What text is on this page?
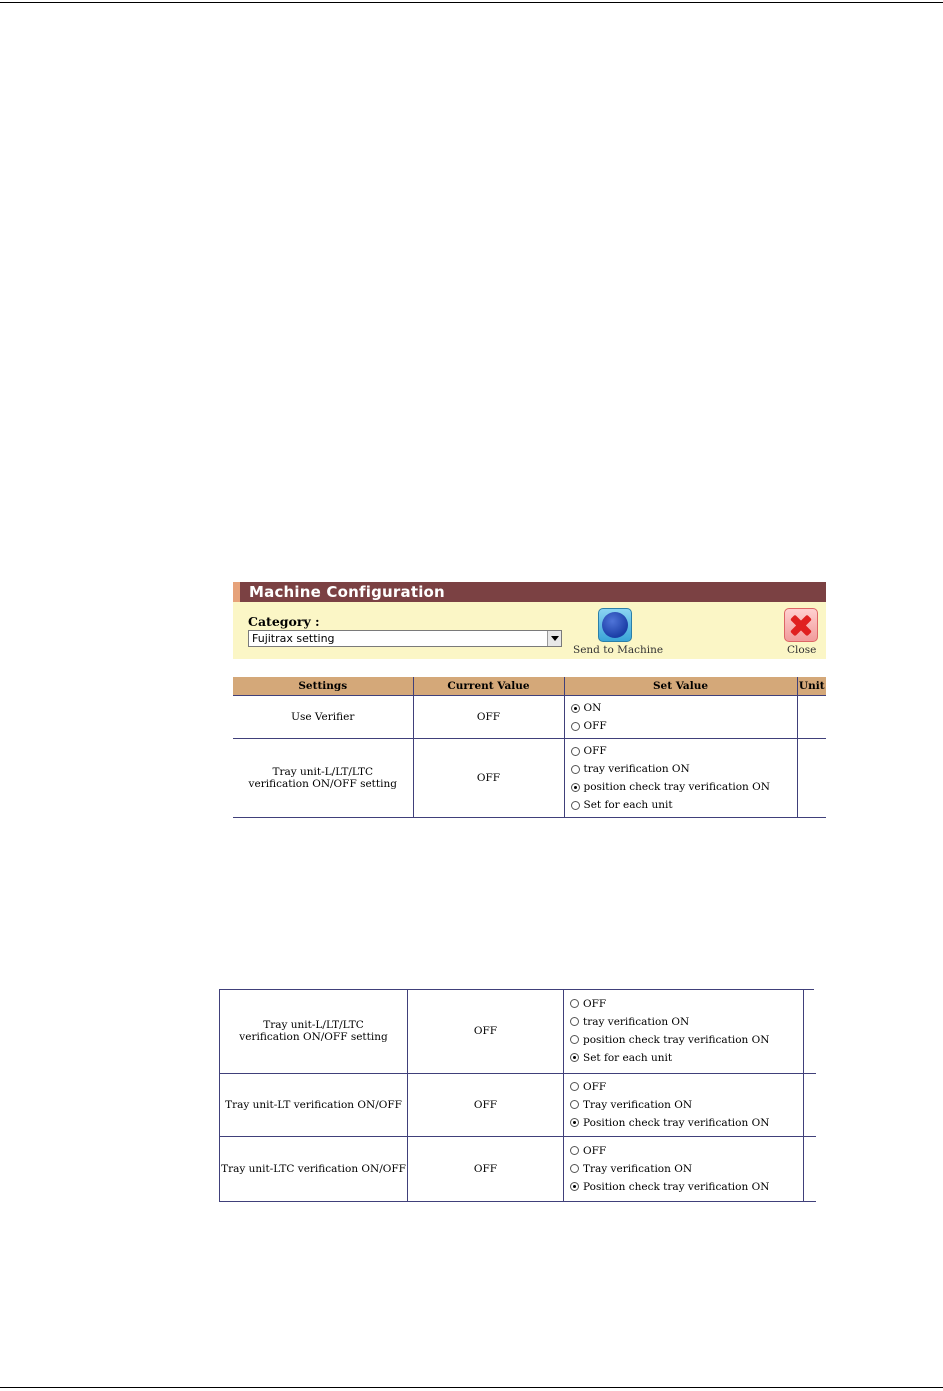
Machine Configuration
Category :
Fujitrax setting
Send to Machine	Close
Settings	Current Value	Set Value	Unit
Use Verifier	OFF	ON
OFF	

Tray unit-L/LT/LTC verification ON/OFF setting	OFF	OFF
tray verification ON
position check tray verification ON
Set for each unit	

Tray unit-L/LT/LTC verification ON/OFF setting	OFF	OFF
tray verification ON
position check tray verification ON
Set for each unit	

Tray unit-LT verification ON/OFF	OFF	OFF
Tray verification ON
Position check tray verification ON	

Tray unit-LTC verification ON/OFF	OFF	OFF
Tray verification ON
Position check tray verification ON	
